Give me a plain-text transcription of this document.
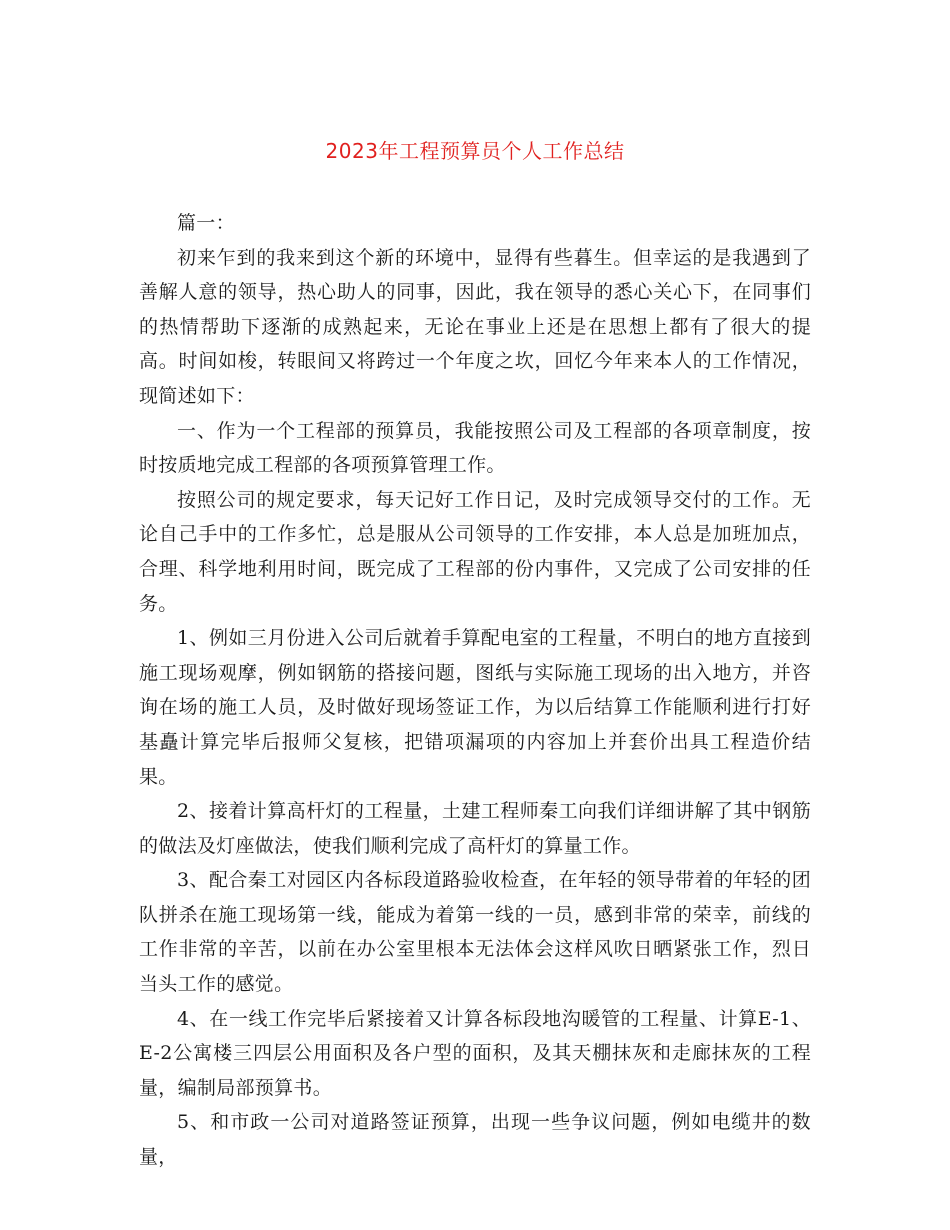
2023年工程预算员个人工作总结

篇一：

初来乍到的我来到这个新的环境中，显得有些暮生。但幸运的是我遇到了善解人意的领导，热心助人的同事，因此，我在领导的悉心关心下，在同事们的热情帮助下逐渐的成熟起来，无论在事业上还是在思想上都有了很大的提高。时间如梭，转眼间又将跨过一个年度之坎，回忆今年来本人的工作情况，现简述如下：

一、作为一个工程部的预算员，我能按照公司及工程部的各项章制度，按时按质地完成工程部的各项预算管理工作。

按照公司的规定要求，每天记好工作日记，及时完成领导交付的工作。无论自己手中的工作多忙，总是服从公司领导的工作安排，本人总是加班加点，合理、科学地利用时间，既完成了工程部的份内事件，又完成了公司安排的任务。

1、例如三月份进入公司后就着手算配电室的工程量，不明白的地方直接到施工现场观摩，例如钢筋的搭接问题，图纸与实际施工现场的出入地方，并咨询在场的施工人员，及时做好现场签证工作，为以后结算工作能顺利进行打好基矗计算完毕后报师父复核，把错项漏项的内容加上并套价出具工程造价结果。

2、接着计算高杆灯的工程量，土建工程师秦工向我们详细讲解了其中钢筋的做法及灯座做法，使我们顺利完成了高杆灯的算量工作。

3、配合秦工对园区内各标段道路验收检查，在年轻的领导带着的年轻的团队拼杀在施工现场第一线，能成为着第一线的一员，感到非常的荣幸，前线的工作非常的辛苦，以前在办公室里根本无法体会这样风吹日晒紧张工作，烈日当头工作的感觉。

4、在一线工作完毕后紧接着又计算各标段地沟暖管的工程量、计算E-1、E-2公寓楼三四层公用面积及各户型的面积，及其天棚抹灰和走廊抹灰的工程量，编制局部预算书。

5、和市政一公司对道路签证预算，出现一些争议问题，例如电缆井的数量，
